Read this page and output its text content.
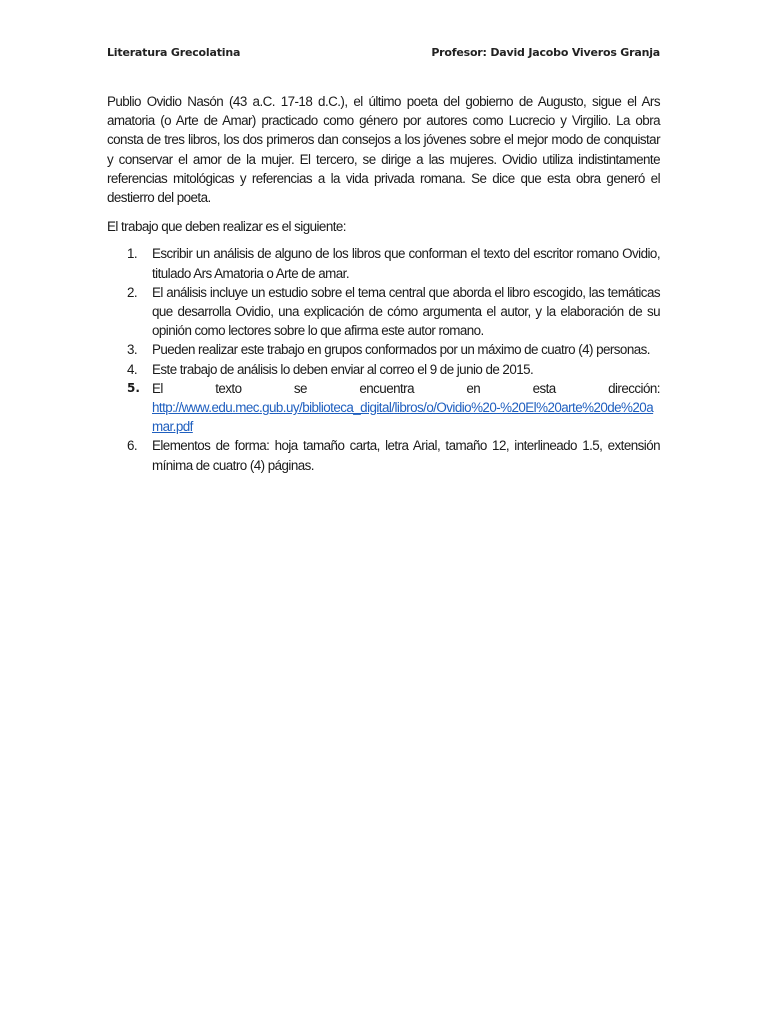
Literatura Grecolatina	Profesor: David Jacobo Viveros Granja

Publio Ovidio Nasón (43 a.C. 17-18 d.C.), el último poeta del gobierno de Augusto, sigue el Ars amatoria (o Arte de Amar) practicado como género por autores como Lucrecio y Virgilio. La obra consta de tres libros, los dos primeros dan consejos a los jóvenes sobre el mejor modo de conquistar y conservar el amor de la mujer. El tercero, se dirige a las mujeres. Ovidio utiliza indistintamente referencias mitológicas y referencias a la vida privada romana. Se dice que esta obra generó el destierro del poeta.

El trabajo que deben realizar es el siguiente:

1.	Escribir un análisis de alguno de los libros que conforman el texto del escritor romano Ovidio, titulado Ars Amatoria o Arte de amar.
2.	El análisis incluye un estudio sobre el tema central que aborda el libro escogido, las temáticas que desarrolla Ovidio, una explicación de cómo argumenta el autor, y la elaboración de su opinión como lectores sobre lo que afirma este autor romano.
3.	Pueden realizar este trabajo en grupos conformados por un máximo de cuatro (4) personas.
4.	Este trabajo de análisis lo deben enviar al correo el 9 de junio de 2015.
5. El	texto	se	encuentra	en	esta	dirección:
http://www.edu.mec.gub.uy/biblioteca_digital/libros/o/Ovidio%20-%20El%20arte%20de%20amar.pdf
6.	Elementos de forma: hoja tamaño carta, letra Arial, tamaño 12, interlineado 1.5, extensión mínima de cuatro (4) páginas.
